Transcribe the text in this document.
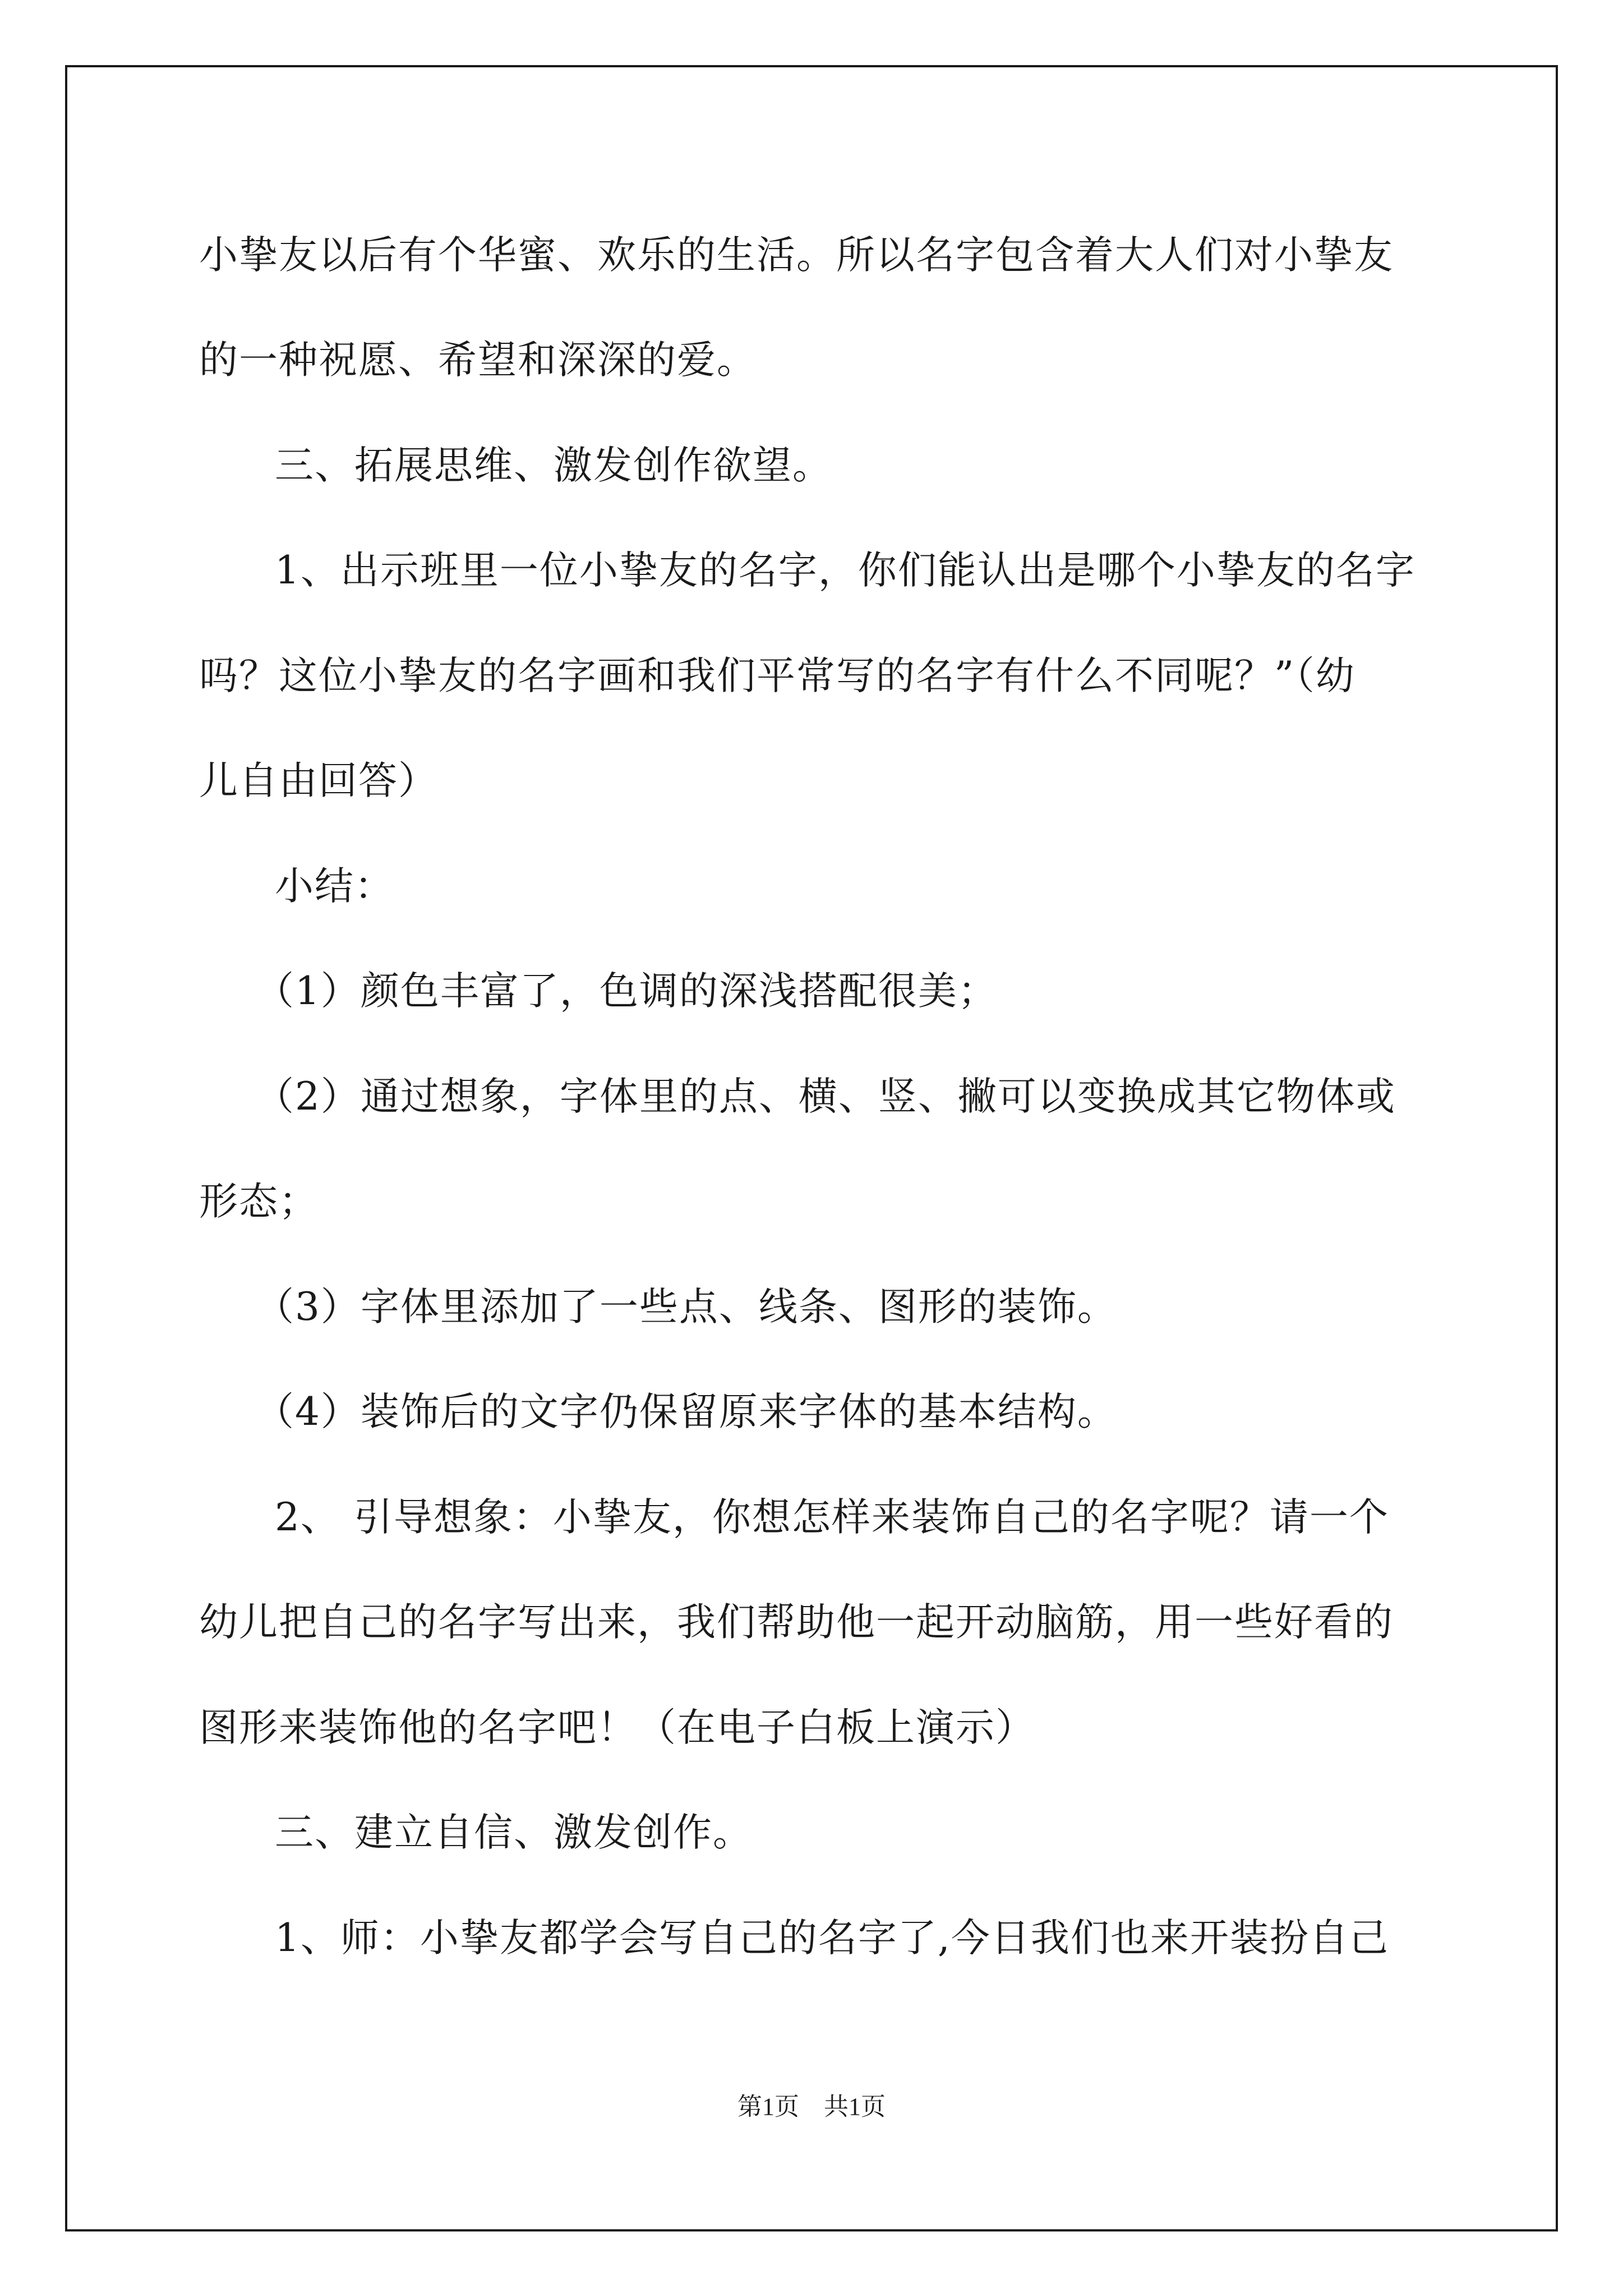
小挚友以后有个华蜜、欢乐的生活。所以名字包含着大人们对小挚友
的一种祝愿、希望和深深的爱。
三、拓展思维、激发创作欲望。
1、出示班里一位小挚友的名字，你们能认出是哪个小挚友的名字
吗？这位小挚友的名字画和我们平常写的名字有什么不同呢？”（幼
儿自由回答）
小结：
（1）颜色丰富了，色调的深浅搭配很美；
（2）通过想象，字体里的点、横、竖、撇可以变换成其它物体或
形态；
（3）字体里添加了一些点、线条、图形的装饰。
（4）装饰后的文字仍保留原来字体的基本结构。
2、 引导想象：小挚友，你想怎样来装饰自己的名字呢？请一个
幼儿把自己的名字写出来，我们帮助他一起开动脑筋，用一些好看的
图形来装饰他的名字吧！（在电子白板上演示）
三、建立自信、激发创作。
1、师：小挚友都学会写自己的名字了,今日我们也来开装扮自己
第1页　共1页
